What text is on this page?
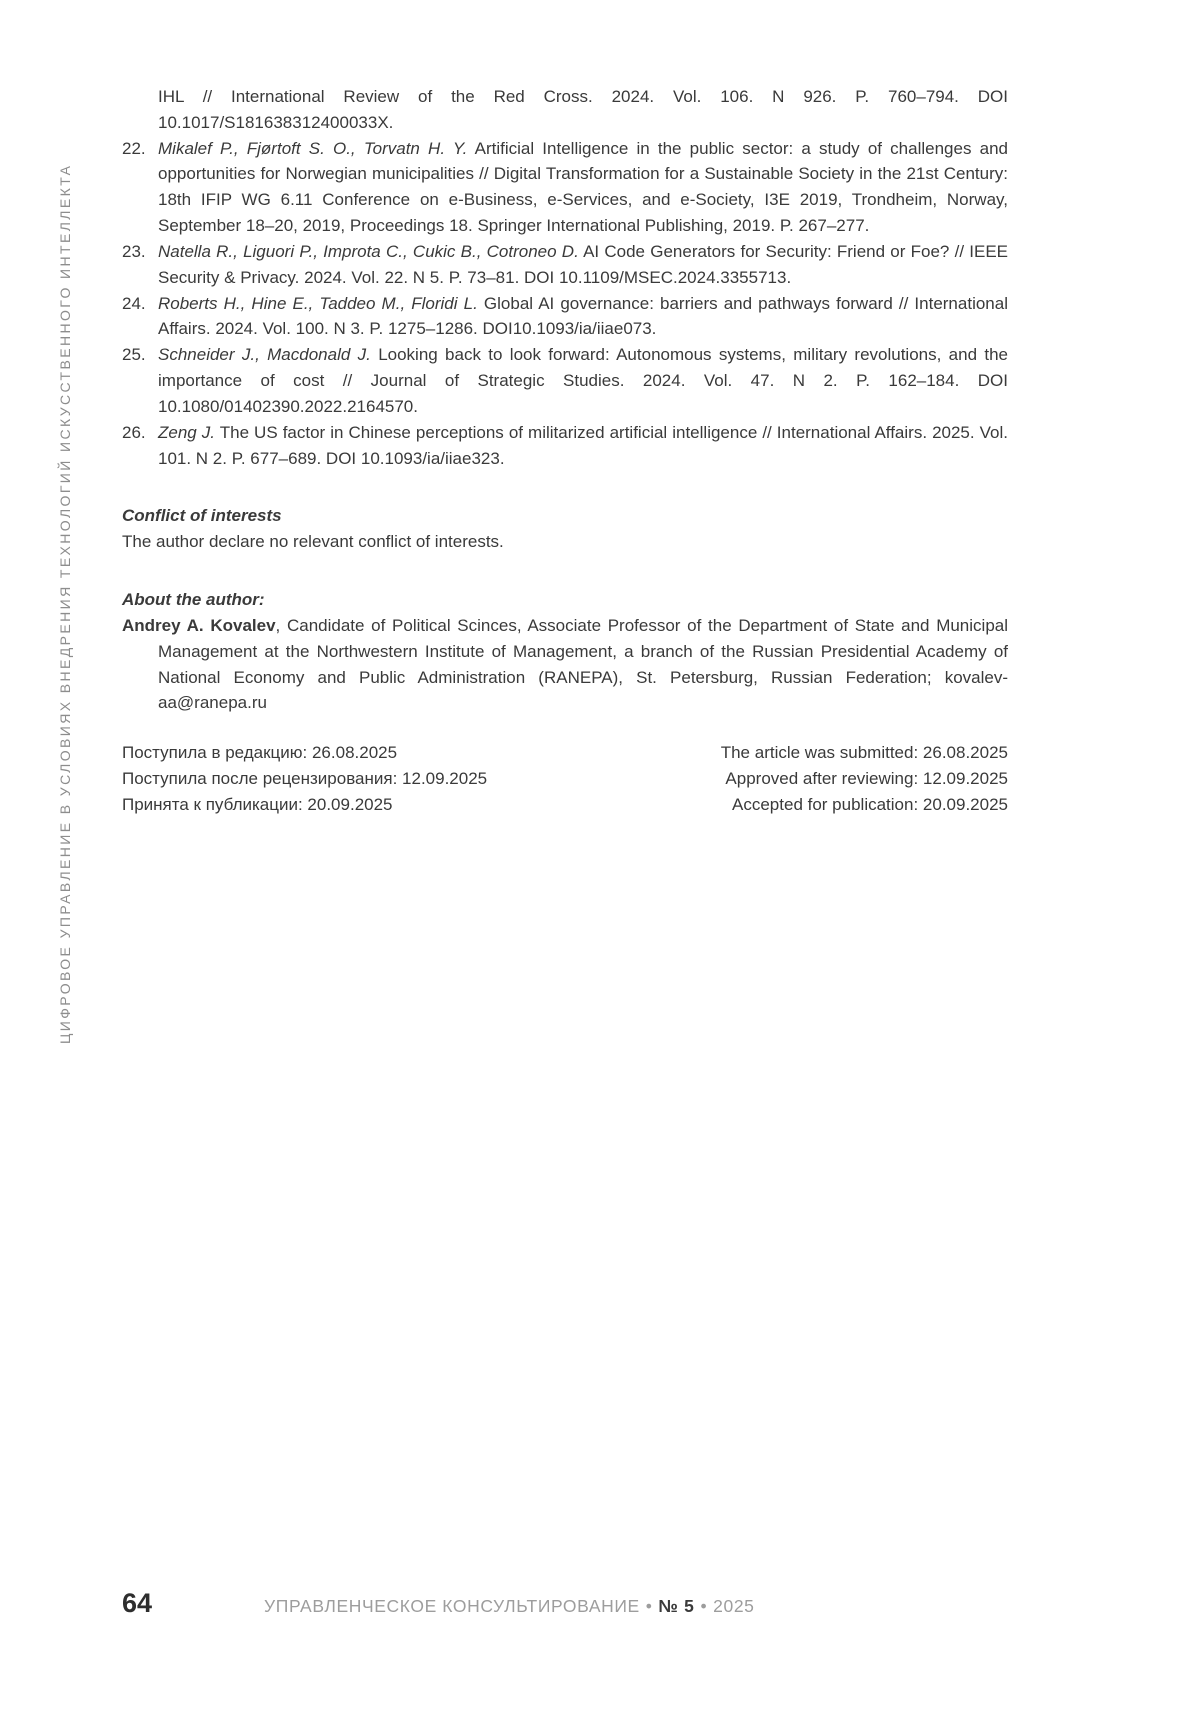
ЦИФРОВОЕ УПРАВЛЕНИЕ В УСЛОВИЯХ ВНЕДРЕНИЯ ТЕХНОЛОГИЙ ИСКУССТВЕННОГО ИНТЕЛЛЕКТА

IHL // International Review of the Red Cross. 2024. Vol. 106. N 926. P. 760–794. DOI 10.1017/S181638312400033X.

22. Mikalef P., Fjørtoft S. O., Torvatn H. Y. Artificial Intelligence in the public sector: a study of challenges and opportunities for Norwegian municipalities // Digital Transformation for a Sustainable Society in the 21st Century: 18th IFIP WG 6.11 Conference on e-Business, e-Services, and e-Society, I3E 2019, Trondheim, Norway, September 18–20, 2019, Proceedings 18. Springer International Publishing, 2019. P. 267–277.

23. Natella R., Liguori P., Improta C., Cukic B., Cotroneo D. AI Code Generators for Security: Friend or Foe? // IEEE Security & Privacy. 2024. Vol. 22. N 5. P. 73–81. DOI 10.1109/MSEC.2024.3355713.

24. Roberts H., Hine E., Taddeo M., Floridi L. Global AI governance: barriers and pathways forward // International Affairs. 2024. Vol. 100. N 3. P. 1275–1286. DOI10.1093/ia/iiae073.

25. Schneider J., Macdonald J. Looking back to look forward: Autonomous systems, military revolutions, and the importance of cost // Journal of Strategic Studies. 2024. Vol. 47. N 2. P. 162–184. DOI 10.1080/01402390.2022.2164570.

26. Zeng J. The US factor in Chinese perceptions of militarized artificial intelligence // International Affairs. 2025. Vol. 101. N 2. P. 677–689. DOI 10.1093/ia/iiae323.

Conflict of interests

The author declare no relevant conflict of interests.

About the author:

Andrey A. Kovalev, Candidate of Political Scinces, Associate Professor of the Department of State and Municipal Management at the Northwestern Institute of Management, a branch of the Russian Presidential Academy of National Economy and Public Administration (RANEPA), St. Petersburg, Russian Federation; kovalev-aa@ranepa.ru

Поступила в редакцию: 26.08.2025	The article was submitted: 26.08.2025
Поступила после рецензирования: 12.09.2025	Approved after reviewing: 12.09.2025
Принята к публикации: 20.09.2025	Accepted for publication: 20.09.2025
64	УПРАВЛЕНЧЕСКОЕ КОНСУЛЬТИРОВАНИЕ • № 5 • 2025
